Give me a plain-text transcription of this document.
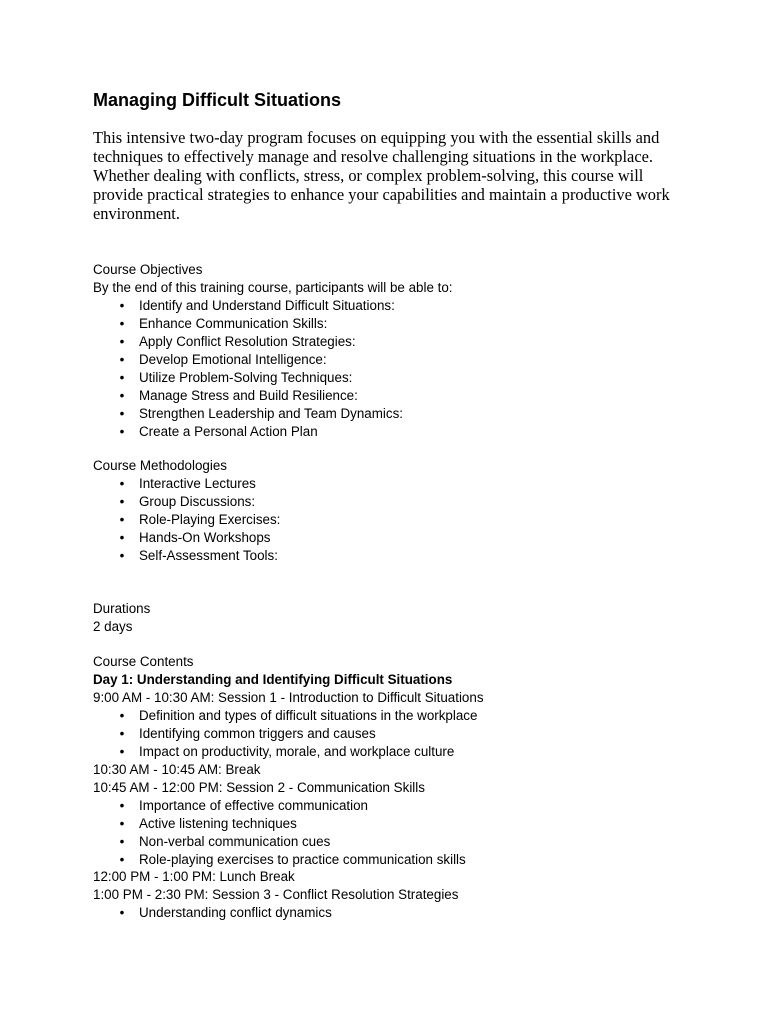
Managing Difficult Situations

This intensive two-day program focuses on equipping you with the essential skills and techniques to effectively manage and resolve challenging situations in the workplace. Whether dealing with conflicts, stress, or complex problem-solving, this course will provide practical strategies to enhance your capabilities and maintain a productive work environment.

Course Objectives

By the end of this training course, participants will be able to:

• Identify and Understand Difficult Situations:
• Enhance Communication Skills:
• Apply Conflict Resolution Strategies:
• Develop Emotional Intelligence:
• Utilize Problem-Solving Techniques:
• Manage Stress and Build Resilience:
• Strengthen Leadership and Team Dynamics:
• Create a Personal Action Plan

Course Methodologies

• Interactive Lectures
• Group Discussions:
• Role-Playing Exercises:
• Hands-On Workshops
• Self-Assessment Tools:

Durations

2 days

Course Contents

Day 1: Understanding and Identifying Difficult Situations

9:00 AM - 10:30 AM: Session 1 - Introduction to Difficult Situations

• Definition and types of difficult situations in the workplace
• Identifying common triggers and causes
• Impact on productivity, morale, and workplace culture

10:30 AM - 10:45 AM: Break

10:45 AM - 12:00 PM: Session 2 - Communication Skills

• Importance of effective communication
• Active listening techniques
• Non-verbal communication cues
• Role-playing exercises to practice communication skills

12:00 PM - 1:00 PM: Lunch Break

1:00 PM - 2:30 PM: Session 3 - Conflict Resolution Strategies

• Understanding conflict dynamics
